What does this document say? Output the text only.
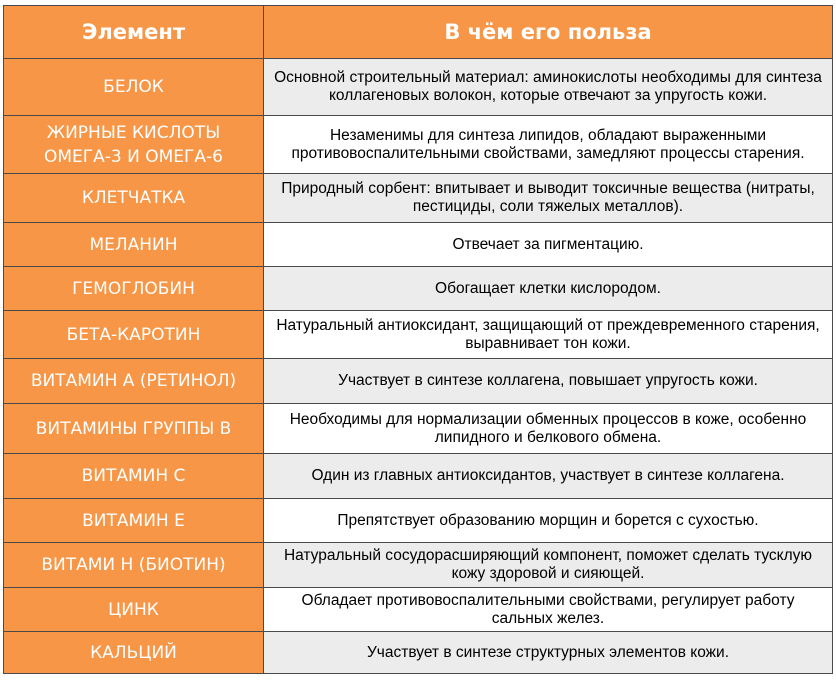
Элемент	В чём его польза
БЕЛОК	Основной строительный материал: аминокислоты необходимы для синтеза коллагеновых волокон, которые отвечают за упругость кожи.
ЖИРНЫЕ КИСЛОТЫ ОМЕГА-3 И ОМЕГА-6	Незаменимы для синтеза липидов, обладают выраженными противовоспалительными свойствами, замедляют процессы старения.
КЛЕТЧАТКА	Природный сорбент: впитывает и выводит токсичные вещества (нитраты, пестициды, соли тяжелых металлов).
МЕЛАНИН	Отвечает за пигментацию.
ГЕМОГЛОБИН	Обогащает клетки кислородом.
БЕТА-КАРОТИН	Натуральный антиоксидант, защищающий от преждевременного старения, выравнивает тон кожи.
ВИТАМИН А (РЕТИНОЛ)	Участвует в синтезе коллагена, повышает упругость кожи.
ВИТАМИНЫ ГРУППЫ В	Необходимы для нормализации обменных процессов в коже, особенно липидного и белкового обмена.
ВИТАМИН С	Один из главных антиоксидантов, участвует в синтезе коллагена.
ВИТАМИН Е	Препятствует образованию морщин и борется с сухостью.
ВИТАМИ Н (БИОТИН)	Натуральный сосудорасширяющий компонент, поможет сделать тусклую кожу здоровой и сияющей.
ЦИНК	Обладает противовоспалительными свойствами, регулирует работу сальных желез.
КАЛЬЦИЙ	Участвует в синтезе структурных элементов кожи.
